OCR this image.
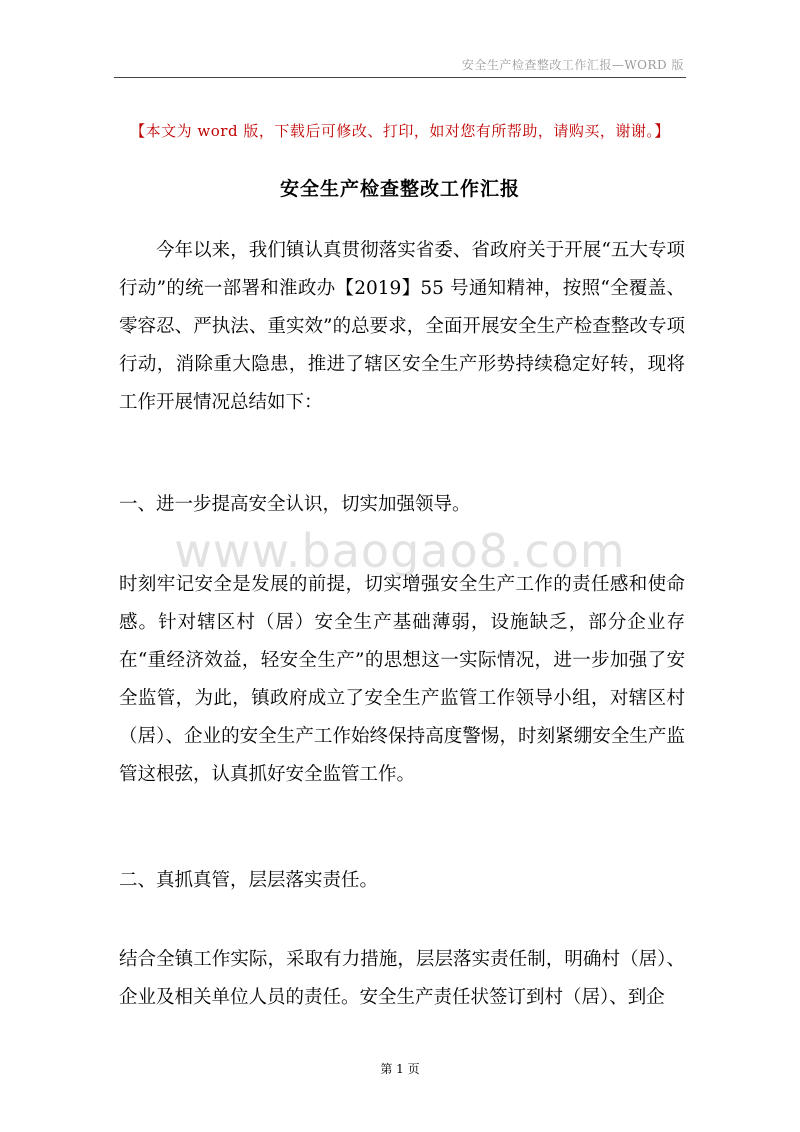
安全生产检查整改工作汇报—WORD 版
【本文为 word 版，下载后可修改、打印，如对您有所帮助，请购买，谢谢。】
安全生产检查整改工作汇报
www.baogao8.com

今年以来，我们镇认真贯彻落实省委、省政府关于开展“五大专项行动”的统一部署和淮政办【2019】55 号通知精神，按照“全覆盖、零容忍、严执法、重实效”的总要求，全面开展安全生产检查整改专项行动，消除重大隐患，推进了辖区安全生产形势持续稳定好转，现将工作开展情况总结如下：

一、进一步提高安全认识，切实加强领导。

时刻牢记安全是发展的前提，切实增强安全生产工作的责任感和使命感。针对辖区村（居）安全生产基础薄弱，设施缺乏，部分企业存在“重经济效益，轻安全生产”的思想这一实际情况，进一步加强了安全监管，为此，镇政府成立了安全生产监管工作领导小组，对辖区村（居）、企业的安全生产工作始终保持高度警惕，时刻紧绷安全生产监管这根弦，认真抓好安全监管工作。

二、真抓真管，层层落实责任。

结合全镇工作实际，采取有力措施，层层落实责任制，明确村（居）、企业及相关单位人员的责任。安全生产责任状签订到村（居）、到企

第 1 页
